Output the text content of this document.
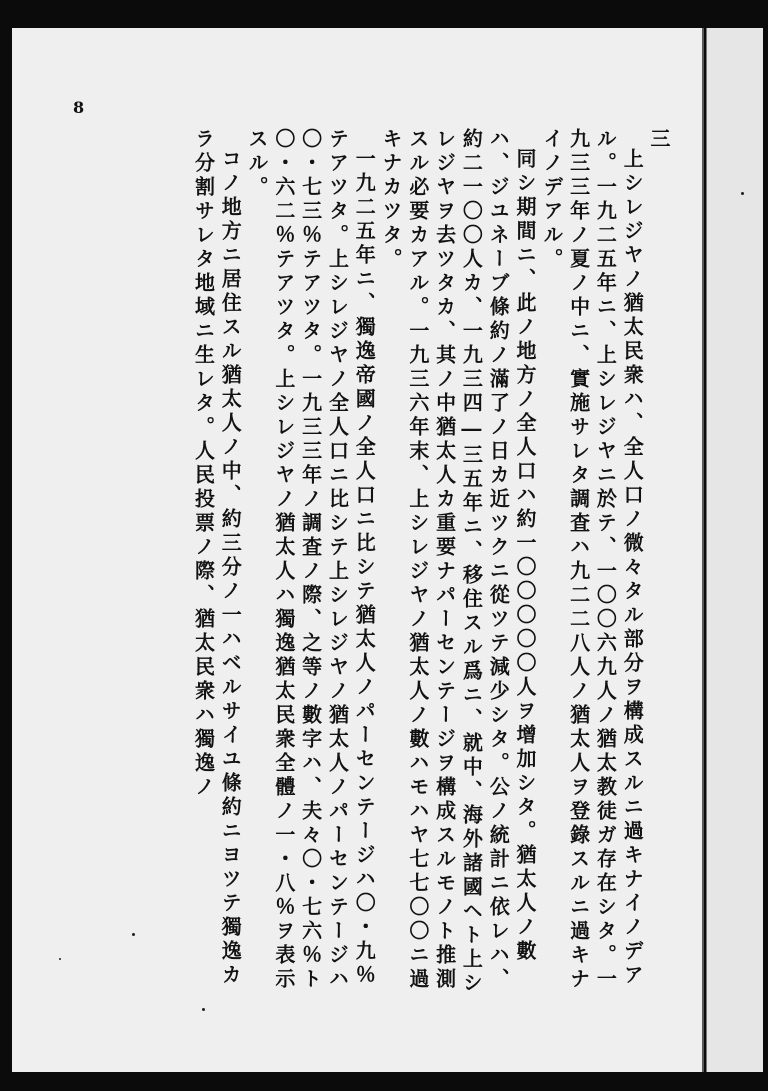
8

三

上シレジヤノ猶太民衆ハ、全人口ノ微々タル部分ヲ構成スルニ過キナイノデアル。一九二五年ニ、上シレジヤニ於テ、一〇〇六九人ノ猶太教徒ガ存在シタ。一九三三年ノ夏ノ中ニ、實施サレタ調査ハ九二二八人ノ猶太人ヲ登錄スルニ過キナイノデアル。

同シ期間ニ、此ノ地方ノ全人口ハ約一〇〇〇〇〇人ヲ增加シタ。猶太人ノ數ハ、ジユネーブ條約ノ滿了ノ日カ近ツクニ從ツテ減少シタ。公ノ統計ニ依レハ、約二一〇〇人カ、一九三四―三五年ニ、移住スル爲ニ、就中、海外諸國ヘト上シレジヤヲ去ツタカ、其ノ中猶太人カ重要ナパーセンテージヲ構成スルモノト推測スル必要カアル。一九三六年末、上シレジヤノ猶太人ノ數ハモハヤ七七〇〇ニ過キナカツタ。

一九二五年ニ、獨逸帝國ノ全人口ニ比シテ猶太人ノパーセンテージハ〇・九％テアツタ。上シレジヤノ全人口ニ比シテ上シレジヤノ猶太人ノパーセンテージハ〇・七三％テアツタ。一九三三年ノ調査ノ際、之等ノ數字ハ、夫々〇・七六％ト〇・六二％テアツタ。上シレジヤノ猶太人ハ獨逸猶太民衆全體ノ一・八％ヲ表示スル。

コノ地方ニ居住スル猶太人ノ中、約三分ノ一ハベルサイユ條約ニヨツテ獨逸カラ分割サレタ地域ニ生レタ。人民投票ノ際、猶太民衆ハ獨逸ノ
